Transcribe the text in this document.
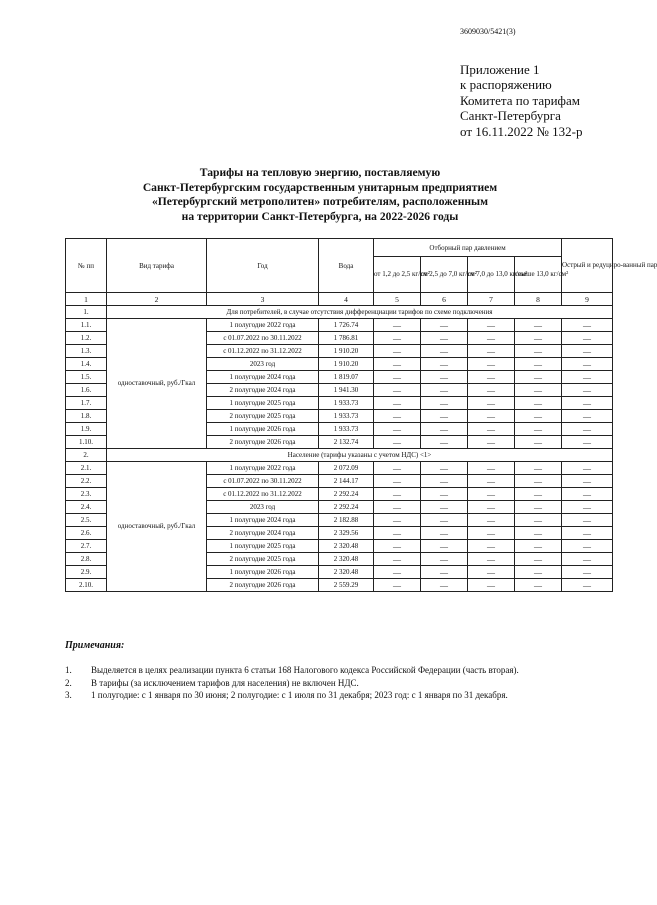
3609030/5421(3)
Приложение 1
к распоряжению
Комитета по тарифам
Санкт-Петербурга
от 16.11.2022 № 132-р
Тарифы на тепловую энергию, поставляемую
Санкт-Петербургским государственным унитарным предприятием
«Петербургский метрополитен» потребителям, расположенным
на территории Санкт-Петербурга, на 2022-2026 годы
№ пп	Вид тарифа	Год	Вода	Отборный пар давлением				Острый и редуциро-ванный пар
				от 1,2 до 2,5 кг/см²	от 2,5 до 7,0 кг/см²	от 7,0 до 13,0 кг/см²	свыше 13,0 кг/см²	
1	2	3	4	5	6	7	8	9
1.	Для потребителей, в случае отсутствия дифференциации тарифов по схеме подключения							
1.1.	одноставочный, руб./Гкал	1 полугодие 2022 года	1 726.74	—	—	—	—	—
1.2.		с 01.07.2022 по 30.11.2022	1 786.81	—	—	—	—	—
1.3.		с 01.12.2022 по 31.12.2022	1 910.20	—	—	—	—	—
1.4.		2023 год	1 910.20	—	—	—	—	—
1.5.		1 полугодие 2024 года	1 819.07	—	—	—	—	—
1.6.		2 полугодие 2024 года	1 941.30	—	—	—	—	—
1.7.		1 полугодие 2025 года	1 933.73	—	—	—	—	—
1.8.		2 полугодие 2025 года	1 933.73	—	—	—	—	—
1.9.		1 полугодие 2026 года	1 933.73	—	—	—	—	—
1.10.		2 полугодие 2026 года	2 132.74	—	—	—	—	—
2.	Население (тарифы указаны с учетом НДС) <1>							
2.1.	одноставочный, руб./Гкал	1 полугодие 2022 года	2 072.09	—	—	—	—	—
2.2.		с 01.07.2022 по 30.11.2022	2 144.17	—	—	—	—	—
2.3.		с 01.12.2022 по 31.12.2022	2 292.24	—	—	—	—	—
2.4.		2023 год	2 292.24	—	—	—	—	—
2.5.		1 полугодие 2024 года	2 182.88	—	—	—	—	—
2.6.		2 полугодие 2024 года	2 329.56	—	—	—	—	—
2.7.		1 полугодие 2025 года	2 320.48	—	—	—	—	—
2.8.		2 полугодие 2025 года	2 320.48	—	—	—	—	—
2.9.		1 полугодие 2026 года	2 320.48	—	—	—	—	—
2.10.		2 полугодие 2026 года	2 559.29	—	—	—	—	—
Примечания:
1.	Выделяется в целях реализации пункта 6 статьи 168 Налогового кодекса Российской Федерации (часть вторая).
2.	В тарифы (за исключением тарифов для населения) не включен НДС.
3.	1 полугодие: с 1 января по 30 июня; 2 полугодие: с 1 июля по 31 декабря; 2023 год: с 1 января по 31 декабря.
